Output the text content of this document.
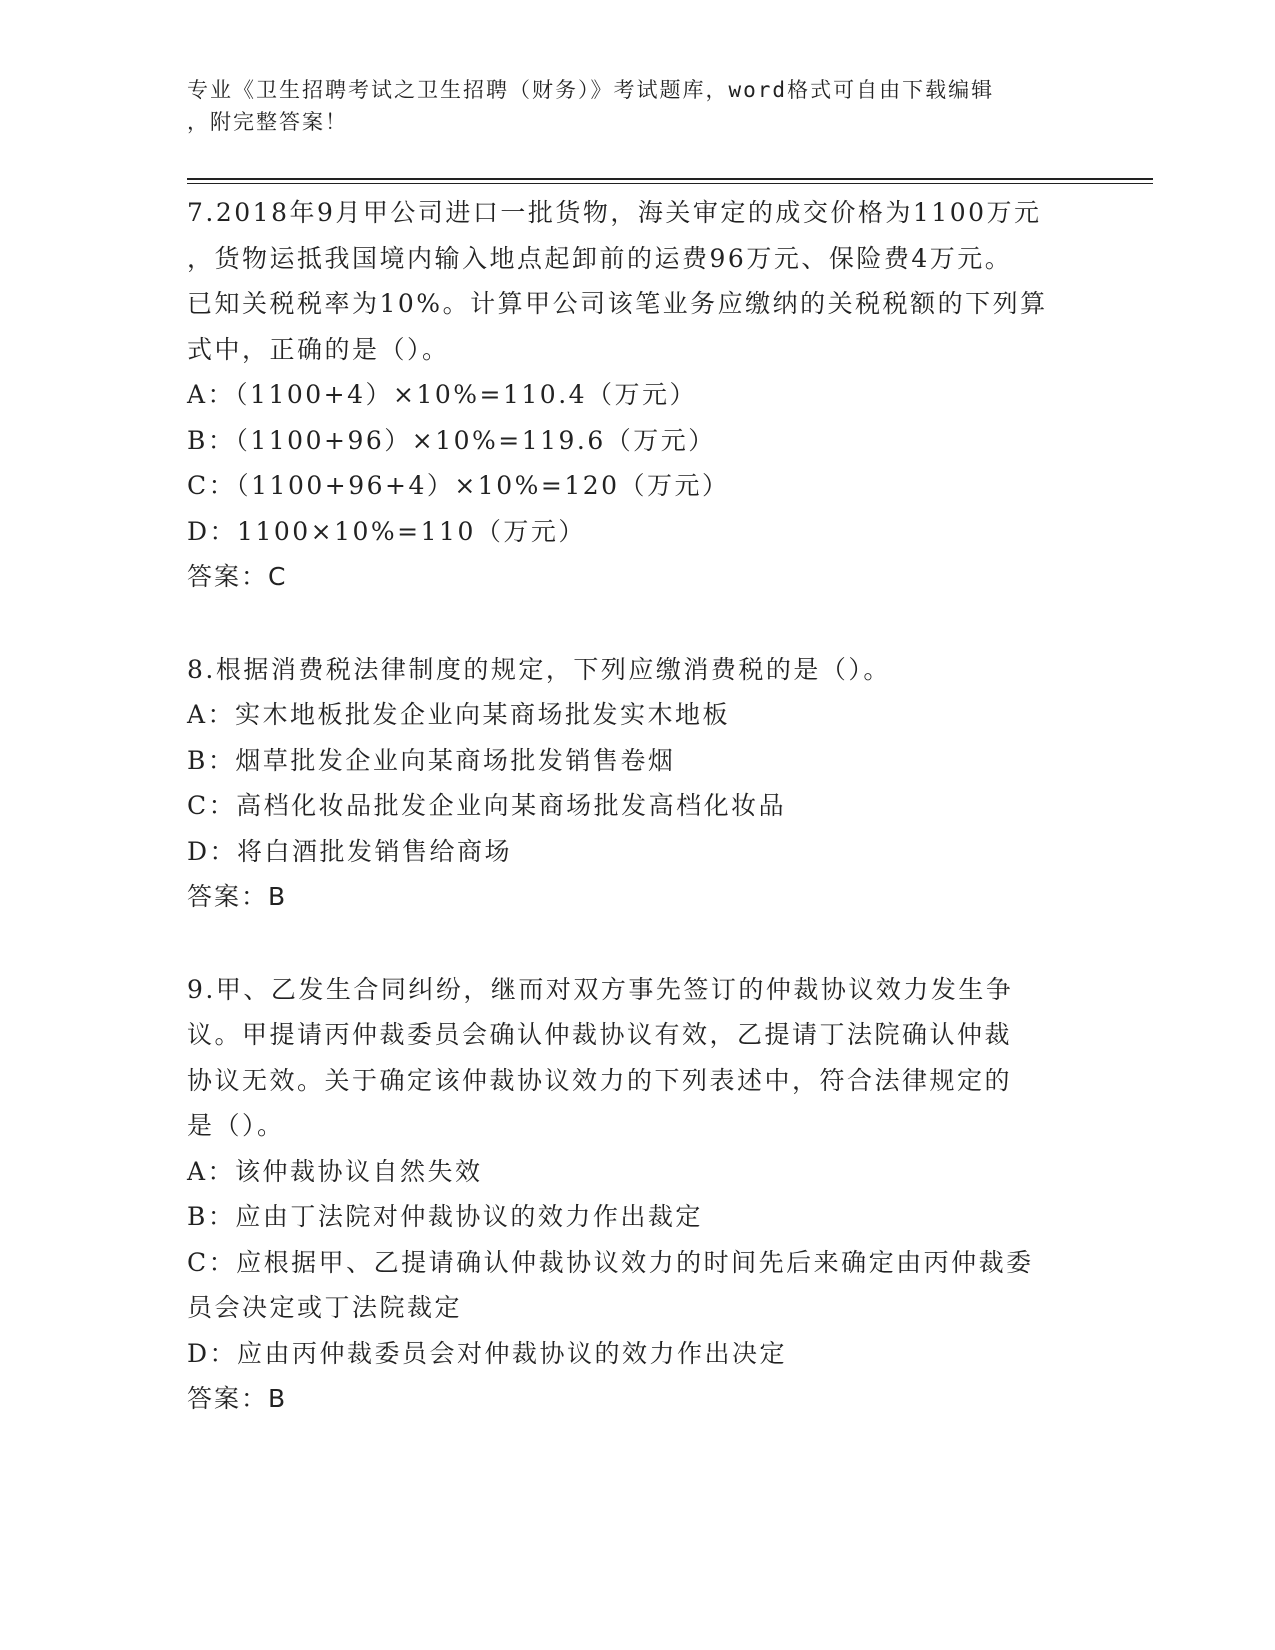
专业《卫生招聘考试之卫生招聘（财务）》考试题库，word格式可自由下载编辑
，附完整答案！

7.2018年9月甲公司进口一批货物，海关审定的成交价格为1100万元

，货物运抵我国境内输入地点起卸前的运费96万元、保险费4万元。

已知关税税率为10%。计算甲公司该笔业务应缴纳的关税税额的下列算

式中，正确的是（）。

A：（1100+4）×10%=110.4（万元）

B：（1100+96）×10%=119.6（万元）

C：（1100+96+4）×10%=120（万元）

D：1100×10%=110（万元）

答案：C

8.根据消费税法律制度的规定，下列应缴消费税的是（）。

A：实木地板批发企业向某商场批发实木地板

B：烟草批发企业向某商场批发销售卷烟

C：高档化妆品批发企业向某商场批发高档化妆品

D：将白酒批发销售给商场

答案：B

9.甲、乙发生合同纠纷，继而对双方事先签订的仲裁协议效力发生争

议。甲提请丙仲裁委员会确认仲裁协议有效，乙提请丁法院确认仲裁

协议无效。关于确定该仲裁协议效力的下列表述中，符合法律规定的

是（）。

A：该仲裁协议自然失效

B：应由丁法院对仲裁协议的效力作出裁定

C：应根据甲、乙提请确认仲裁协议效力的时间先后来确定由丙仲裁委

员会决定或丁法院裁定

D：应由丙仲裁委员会对仲裁协议的效力作出决定

答案：B
